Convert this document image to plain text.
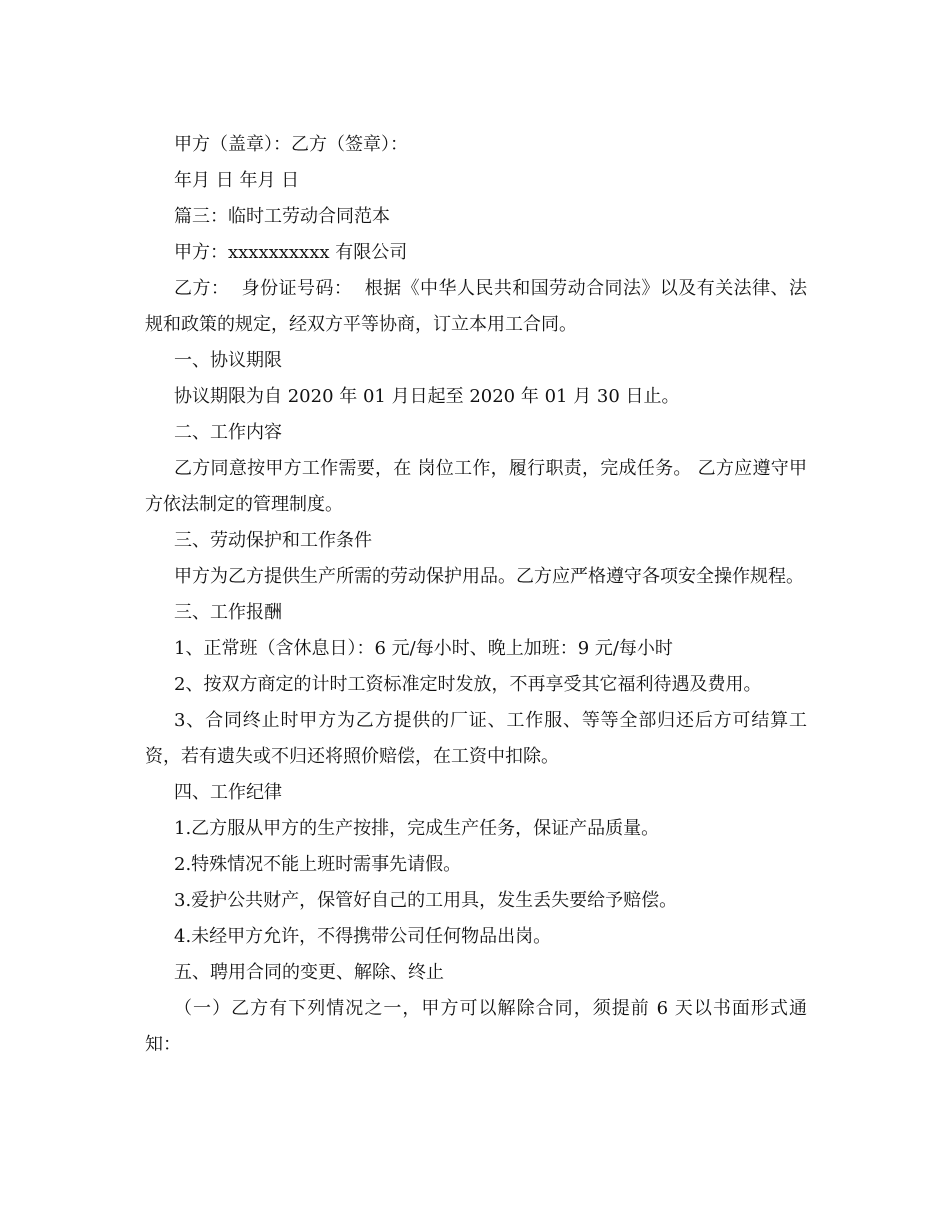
甲方（盖章）：乙方（签章）：

年月 日 年月 日

篇三：临时工劳动合同范本

甲方：xxxxxxxxxx 有限公司

乙方：  身份证号码：  根据《中华人民共和国劳动合同法》以及有关法律、法规和政策的规定，经双方平等协商，订立本用工合同。

一、协议期限

协议期限为自 2020 年 01 月日起至 2020 年 01 月 30 日止。

二、工作内容

乙方同意按甲方工作需要，在 岗位工作，履行职责，完成任务。 乙方应遵守甲方依法制定的管理制度。

三、劳动保护和工作条件

甲方为乙方提供生产所需的劳动保护用品。乙方应严格遵守各项安全操作规程。

三、工作报酬

1、正常班（含休息日）：6 元/每小时、晚上加班：9 元/每小时

2、按双方商定的计时工资标准定时发放，不再享受其它福利待遇及费用。

3、合同终止时甲方为乙方提供的厂证、工作服、等等全部归还后方可结算工资，若有遗失或不归还将照价赔偿，在工资中扣除。

四、工作纪律

1.乙方服从甲方的生产按排，完成生产任务，保证产品质量。

2.特殊情况不能上班时需事先请假。

3.爱护公共财产，保管好自己的工用具，发生丢失要给予赔偿。

4.未经甲方允许，不得携带公司任何物品出岗。

五、聘用合同的变更、解除、终止

（一）乙方有下列情况之一，甲方可以解除合同，须提前 6 天以书面形式通知：
